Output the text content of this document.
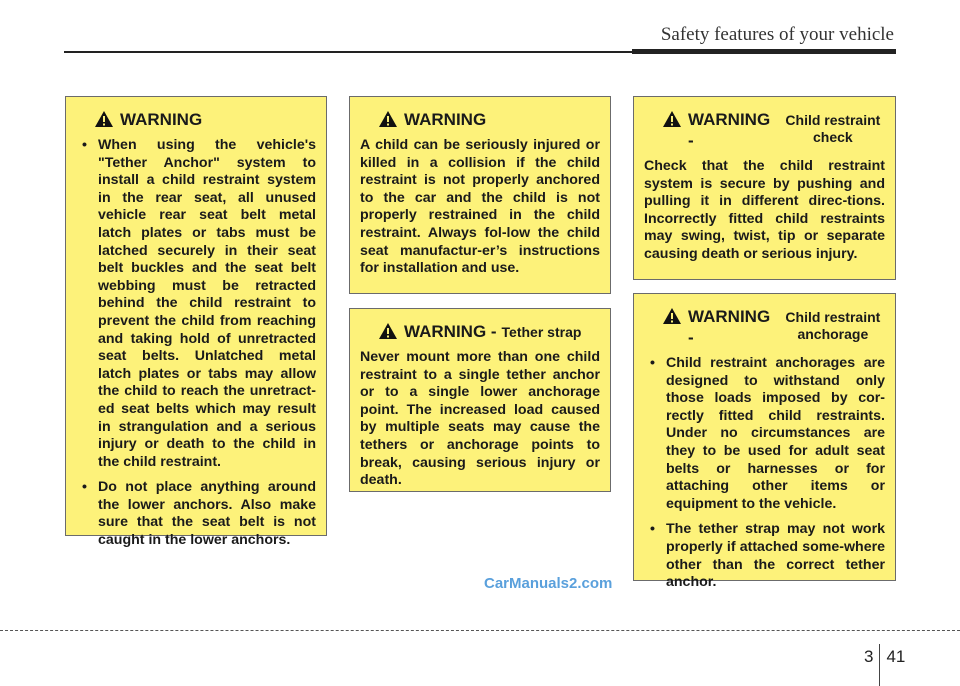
Safety features of your vehicle
WARNING
• When using the vehicle's "Tether Anchor" system to install a child restraint system in the rear seat, all unused vehicle rear seat belt metal latch plates or tabs must be latched securely in their seat belt buckles and the seat belt webbing must be retracted behind the child restraint to prevent the child from reaching and taking hold of unretracted seat belts. Unlatched metal latch plates or tabs may allow the child to reach the unretract-ed seat belts which may result in strangulation and a serious injury or death to the child in the child restraint.
• Do not place anything around the lower anchors. Also make sure that the seat belt is not caught in the lower anchors.
WARNING

A child can be seriously injured or killed in a collision if the child restraint is not properly anchored to the car and the child is not properly restrained in the child restraint. Always fol-low the child seat manufactur-er’s instructions for installation and use.

WARNING - Tether strap

Never mount more than one child restraint to a single tether anchor or to a single lower anchorage point. The increased load caused by multiple seats may cause the tethers or anchorage points to break, causing serious injury or death.

WARNING -
Child restraint check

Check that the child restraint system is secure by pushing and pulling it in different direc-tions. Incorrectly fitted child restraints may swing, twist, tip or separate causing death or serious injury.

WARNING -
Child restraint anchorage
• Child restraint anchorages are designed to withstand only those loads imposed by cor-rectly fitted child restraints. Under no circumstances are they to be used for adult seat belts or harnesses or for attaching other items or equipment to the vehicle.
• The tether strap may not work properly if attached some-where other than the correct tether anchor.
CarManuals2.com
3 41
